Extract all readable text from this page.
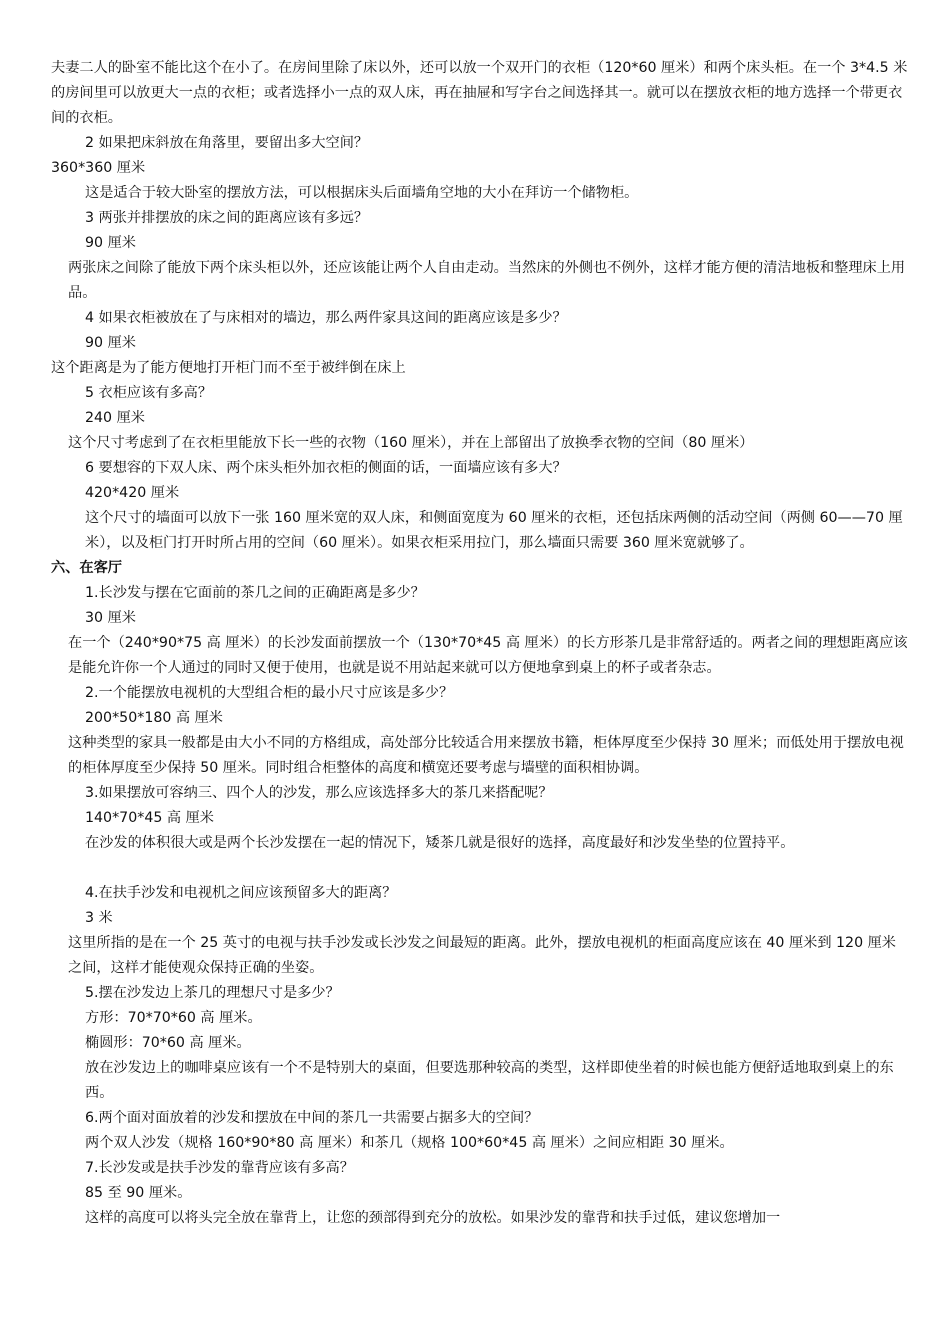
夫妻二人的卧室不能比这个在小了。在房间里除了床以外，还可以放一个双开门的衣柜（120*60 厘米）和两个床头柜。在一个 3*4.5 米的房间里可以放更大一点的衣柜；或者选择小一点的双人床，再在抽屉和写字台之间选择其一。就可以在摆放衣柜的地方选择一个带更衣间的衣柜。

2 如果把床斜放在角落里，要留出多大空间？

360*360 厘米

这是适合于较大卧室的摆放方法，可以根据床头后面墙角空地的大小在拜访一个储物柜。

3 两张并排摆放的床之间的距离应该有多远？

90 厘米

两张床之间除了能放下两个床头柜以外，还应该能让两个人自由走动。当然床的外侧也不例外，这样才能方便的清洁地板和整理床上用品。

4 如果衣柜被放在了与床相对的墙边，那么两件家具这间的距离应该是多少？

90 厘米

这个距离是为了能方便地打开柜门而不至于被绊倒在床上

5 衣柜应该有多高？

240 厘米

这个尺寸考虑到了在衣柜里能放下长一些的衣物（160 厘米），并在上部留出了放换季衣物的空间（80 厘米）

6 要想容的下双人床、两个床头柜外加衣柜的侧面的话，一面墙应该有多大？

420*420 厘米

这个尺寸的墙面可以放下一张 160 厘米宽的双人床，和侧面宽度为 60 厘米的衣柜，还包括床两侧的活动空间（两侧 60——70 厘米），以及柜门打开时所占用的空间（60 厘米）。如果衣柜采用拉门，那么墙面只需要 360 厘米宽就够了。

六、在客厅

1.长沙发与摆在它面前的茶几之间的正确距离是多少？

30 厘米

在一个（240*90*75 高 厘米）的长沙发面前摆放一个（130*70*45 高 厘米）的长方形茶几是非常舒适的。两者之间的理想距离应该是能允许你一个人通过的同时又便于使用，也就是说不用站起来就可以方便地拿到桌上的杯子或者杂志。

2.一个能摆放电视机的大型组合柜的最小尺寸应该是多少？

200*50*180 高 厘米

这种类型的家具一般都是由大小不同的方格组成，高处部分比较适合用来摆放书籍，柜体厚度至少保持 30 厘米；而低处用于摆放电视的柜体厚度至少保持 50 厘米。同时组合柜整体的高度和横宽还要考虑与墙壁的面积相协调。

3.如果摆放可容纳三、四个人的沙发，那么应该选择多大的茶几来搭配呢？

140*70*45 高 厘米

在沙发的体积很大或是两个长沙发摆在一起的情况下，矮茶几就是很好的选择，高度最好和沙发坐垫的位置持平。

4.在扶手沙发和电视机之间应该预留多大的距离？

3 米

这里所指的是在一个 25 英寸的电视与扶手沙发或长沙发之间最短的距离。此外，摆放电视机的柜面高度应该在 40 厘米到 120 厘米之间，这样才能使观众保持正确的坐姿。

5.摆在沙发边上茶几的理想尺寸是多少？

方形：70*70*60 高 厘米。

椭圆形：70*60 高 厘米。

放在沙发边上的咖啡桌应该有一个不是特别大的桌面，但要选那种较高的类型，这样即使坐着的时候也能方便舒适地取到桌上的东西。

6.两个面对面放着的沙发和摆放在中间的茶几一共需要占据多大的空间？

两个双人沙发（规格 160*90*80 高 厘米）和茶几（规格 100*60*45 高 厘米）之间应相距 30 厘米。

7.长沙发或是扶手沙发的靠背应该有多高？

85 至 90 厘米。

这样的高度可以将头完全放在靠背上，让您的颈部得到充分的放松。如果沙发的靠背和扶手过低，建议您增加一
